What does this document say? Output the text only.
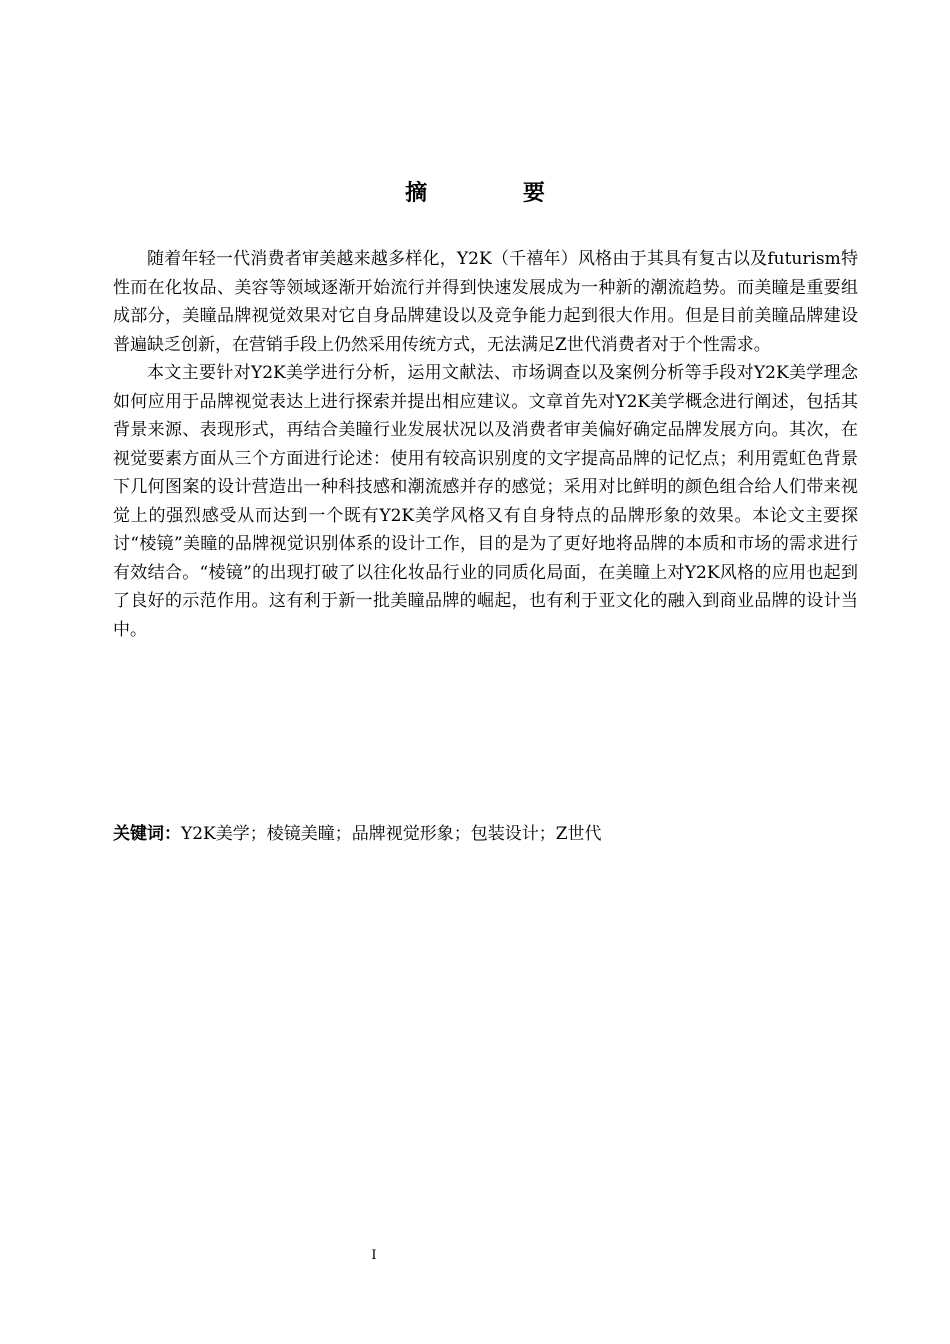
摘 要

随着年轻一代消费者审美越来越多样化，Y2K（千禧年）风格由于其具有复古以及futurism特性而在化妆品、美容等领域逐渐开始流行并得到快速发展成为一种新的潮流趋势。而美瞳是重要组成部分，美瞳品牌视觉效果对它自身品牌建设以及竞争能力起到很大作用。但是目前美瞳品牌建设普遍缺乏创新，在营销手段上仍然采用传统方式，无法满足Z世代消费者对于个性需求。

本文主要针对Y2K美学进行分析，运用文献法、市场调查以及案例分析等手段对Y2K美学理念如何应用于品牌视觉表达上进行探索并提出相应建议。文章首先对Y2K美学概念进行阐述，包括其背景来源、表现形式，再结合美瞳行业发展状况以及消费者审美偏好确定品牌发展方向。其次，在视觉要素方面从三个方面进行论述：使用有较高识别度的文字提高品牌的记忆点；利用霓虹色背景下几何图案的设计营造出一种科技感和潮流感并存的感觉；采用对比鲜明的颜色组合给人们带来视觉上的强烈感受从而达到一个既有Y2K美学风格又有自身特点的品牌形象的效果。本论文主要探讨“棱镜”美瞳的品牌视觉识别体系的设计工作，目的是为了更好地将品牌的本质和市场的需求进行有效结合。“棱镜”的出现打破了以往化妆品行业的同质化局面，在美瞳上对Y2K风格的应用也起到了良好的示范作用。这有利于新一批美瞳品牌的崛起，也有利于亚文化的融入到商业品牌的设计当中。

关键词：Y2K美学；棱镜美瞳；品牌视觉形象；包装设计；Z世代
I
